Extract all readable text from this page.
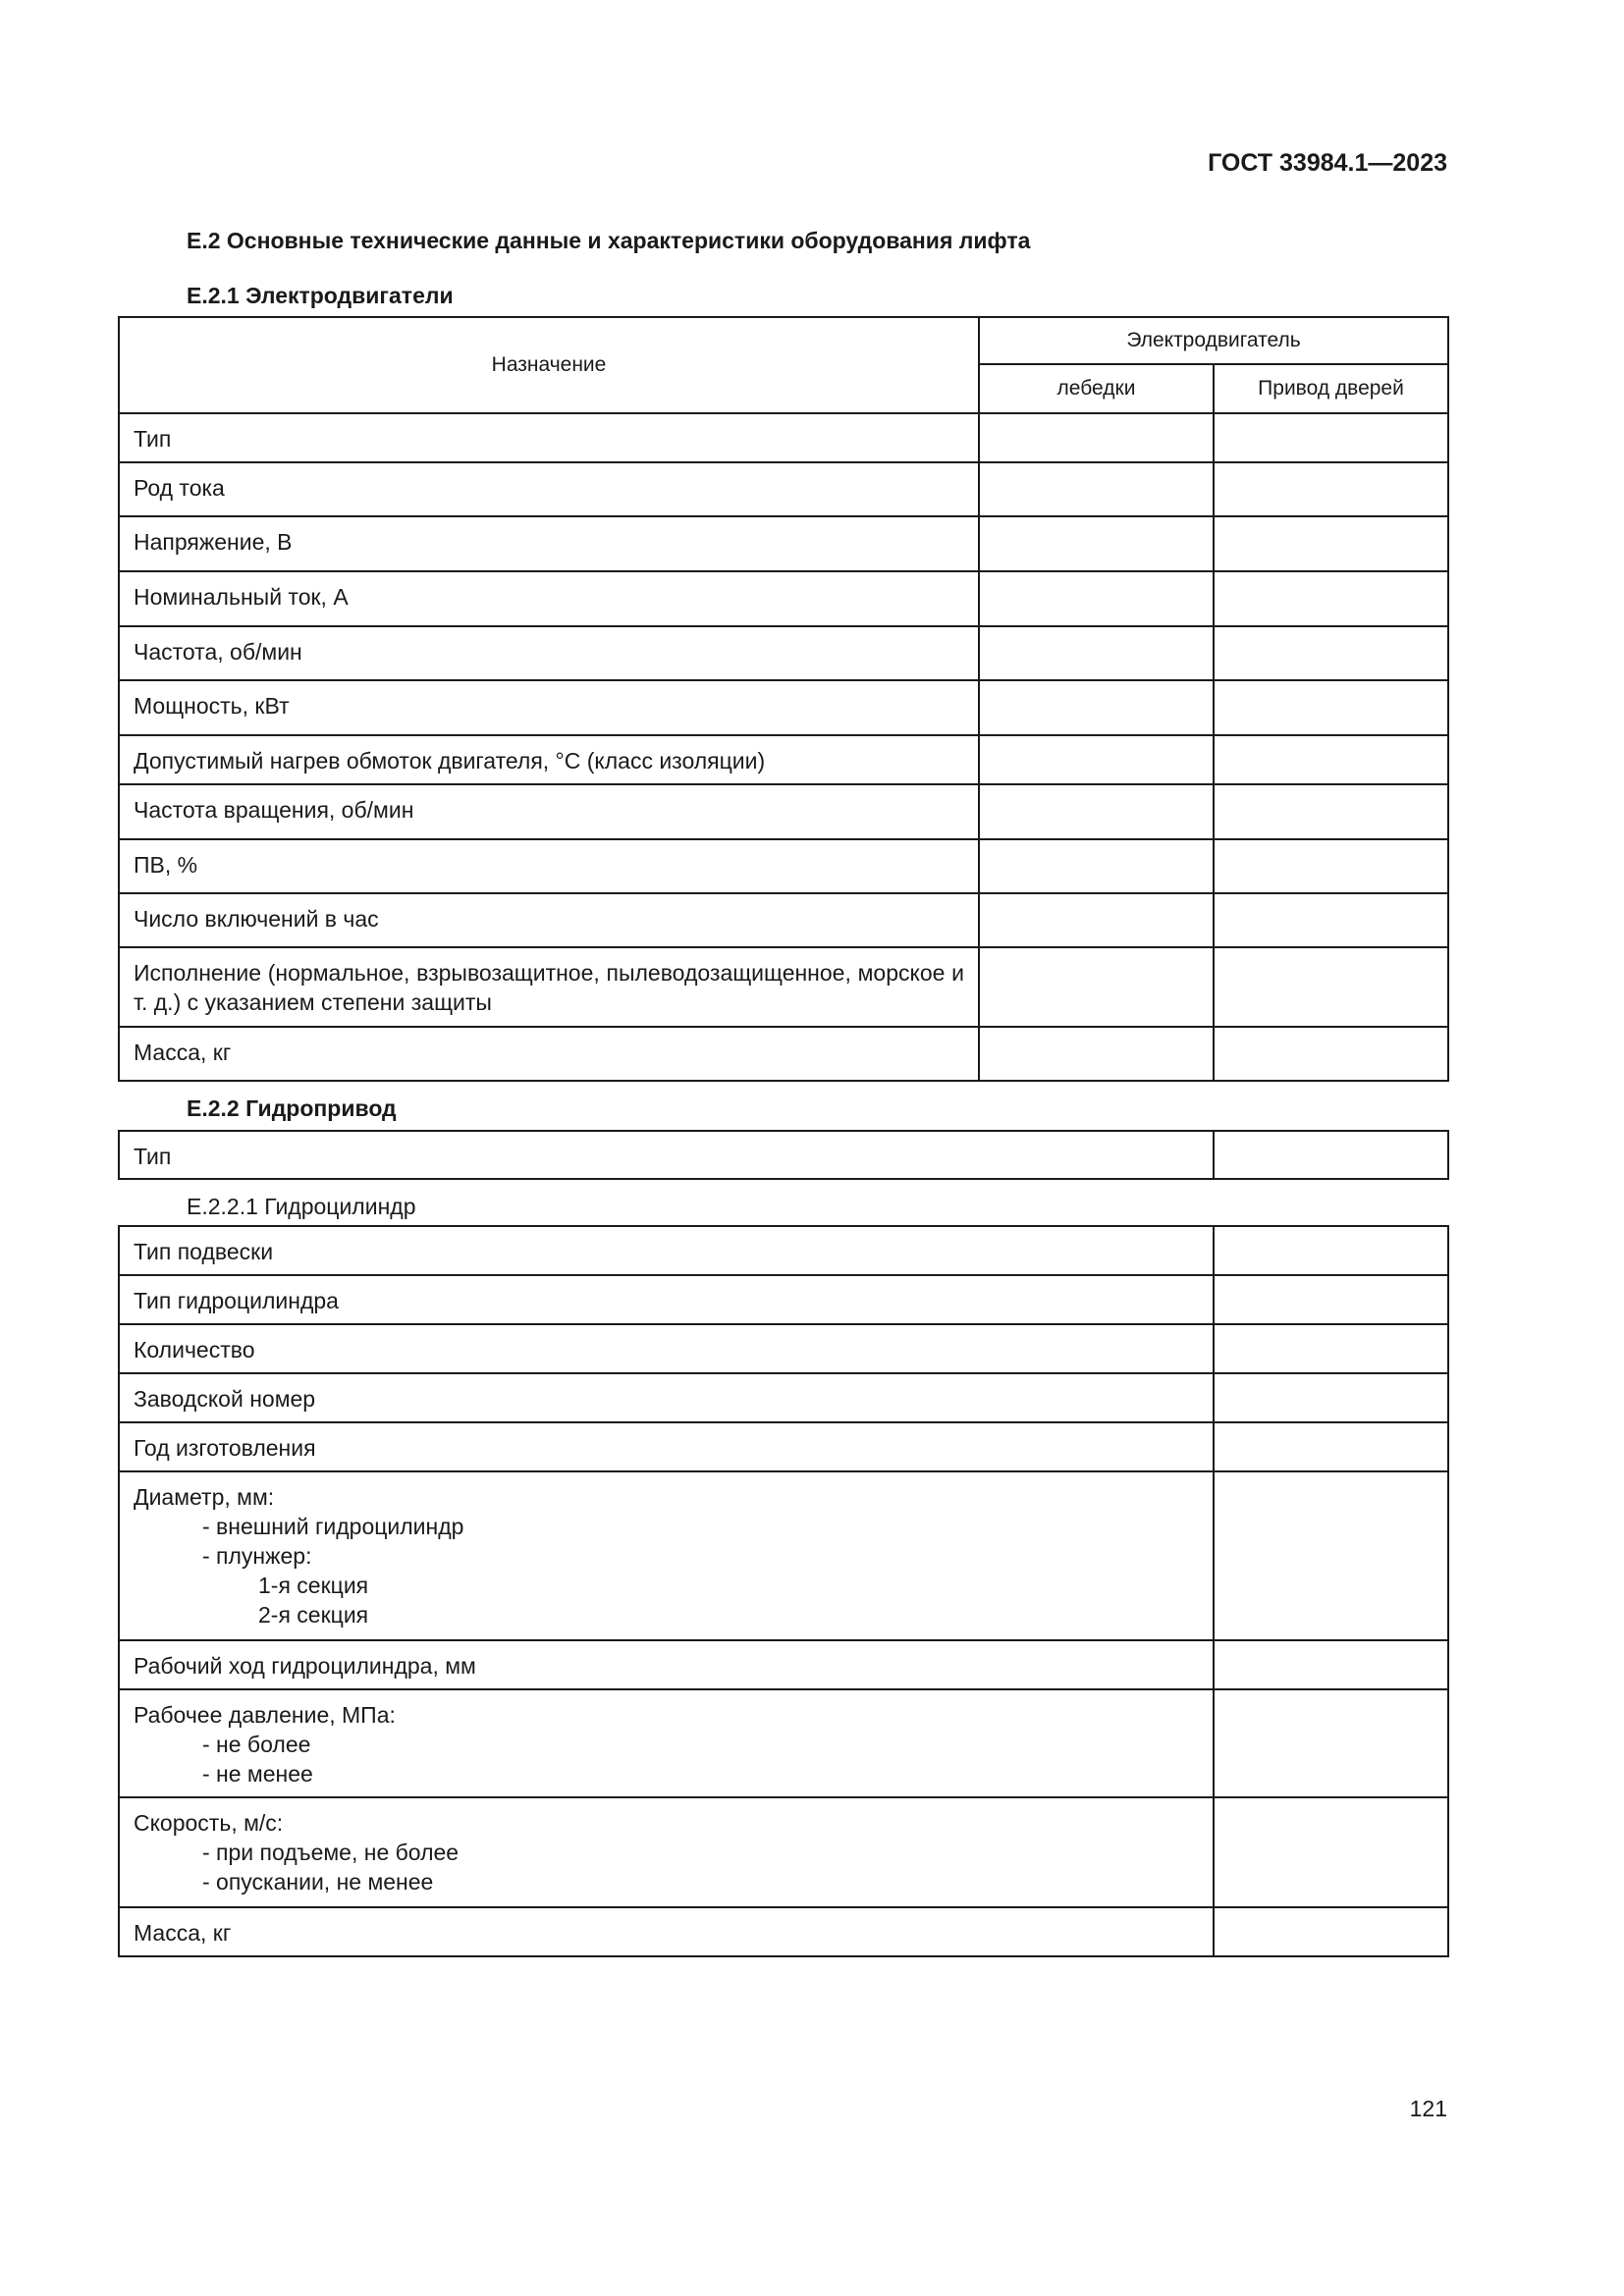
ГОСТ 33984.1—2023
Е.2 Основные технические данные и характеристики оборудования лифта
Е.2.1 Электродвигатели
Назначение	Электродвигатель	
	лебедки	Привод дверей

Тип		

Род тока		

Напряжение, В		

Номинальный ток, А		

Частота, об/мин		

Мощность, кВт		

Допустимый нагрев обмоток двигателя, °С (класс изоляции)		

Частота вращения, об/мин		

ПВ, %		

Число включений в час		

Исполнение (нормальное, взрывозащитное, пылеводозащищенное, морское и т. д.) с указанием степени защиты		

Масса, кг		

Е.2.2 Гидропривод
Тип

Е.2.2.1 Гидроцилиндр
Тип подвески	

Тип гидроцилиндра	

Количество	

Заводской номер	

Год изготовления	

Диаметр, мм:
- внешний гидроцилиндр
- плунжер:
1-я секция
2-я секция	

Рабочий ход гидроцилиндра, мм	

Рабочее давление, МПа:
- не более
- не менее	

Скорость, м/с:
- при подъеме, не более
- опускании, не менее	

Масса, кг	

121
